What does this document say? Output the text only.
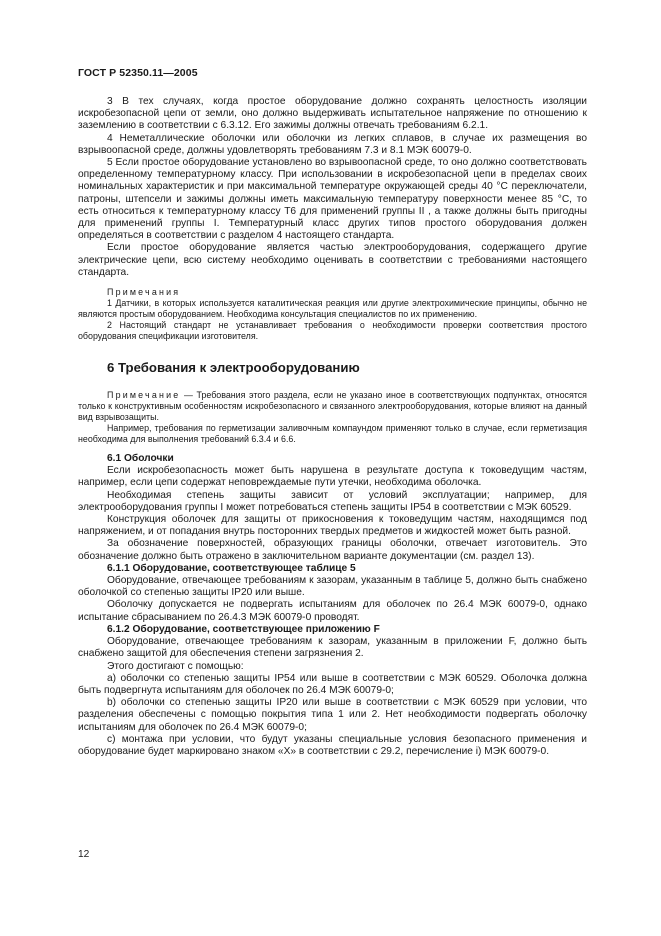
ГОСТ Р 52350.11—2005

3 В тех случаях, когда простое оборудование должно сохранять целостность изоляции искробезопасной цепи от земли, оно должно выдерживать испытательное напряжение по отношению к заземлению в соответствии с 6.3.12. Его зажимы должны отвечать требованиям 6.2.1.

4 Неметаллические оболочки или оболочки из легких сплавов, в случае их размещения во взрывоопасной среде, должны удовлетворять требованиям 7.3 и 8.1 МЭК 60079-0.

5 Если простое оборудование установлено во взрывоопасной среде, то оно должно соответствовать определенному температурному классу. При использовании в искробезопасной цепи в пределах своих номинальных характеристик и при максимальной температуре окружающей среды 40 °С переключатели, патроны, штепсели и зажимы должны иметь максимальную температуру поверхности менее 85 °С, то есть относиться к температурному классу Т6 для применений группы II , а также должны быть пригодны для применений группы I. Температурный класс других типов простого оборудования должен определяться в соответствии с разделом 4 настоящего стандарта.

Если простое оборудование является частью электрооборудования, содержащего другие электрические цепи, всю систему необходимо оценивать в соответствии с требованиями настоящего стандарта.

Примечания

1 Датчики, в которых используется каталитическая реакция или другие электрохимические принципы, обычно не являются простым оборудованием. Необходима консультация специалистов по их применению.

2 Настоящий стандарт не устанавливает требования о необходимости проверки соответствия простого оборудования спецификации изготовителя.

6 Требования к электрооборудованию

Примечание — Требования этого раздела, если не указано иное в соответствующих подпунктах, относятся только к конструктивным особенностям искробезопасного и связанного электрооборудования, которые влияют на данный вид взрывозащиты.

Например, требования по герметизации заливочным компаундом применяют только в случае, если герметизация необходима для выполнения требований 6.3.4 и 6.6.

6.1 Оболочки

Если искробезопасность может быть нарушена в результате доступа к токоведущим частям, например, если цепи содержат неповреждаемые пути утечки, необходима оболочка.

Необходимая степень защиты зависит от условий эксплуатации; например, для электрооборудования группы I может потребоваться степень защиты IP54 в соответствии с МЭК 60529.

Конструкция оболочек для защиты от прикосновения к токоведущим частям, находящимся под напряжением, и от попадания внутрь посторонних твердых предметов и жидкостей может быть разной.

За обозначение поверхностей, образующих границы оболочки, отвечает изготовитель. Это обозначение должно быть отражено в заключительном варианте документации (см. раздел 13).

6.1.1 Оборудование, соответствующее таблице 5

Оборудование, отвечающее требованиям к зазорам, указанным в таблице 5, должно быть снабжено оболочкой со степенью защиты IP20 или выше.

Оболочку допускается не подвергать испытаниям для оболочек по 26.4 МЭК 60079-0, однако испытание сбрасыванием по 26.4.3 МЭК 60079-0 проводят.

6.1.2 Оборудование, соответствующее приложению F

Оборудование, отвечающее требованиям к зазорам, указанным в приложении F, должно быть снабжено защитой для обеспечения степени загрязнения 2.

Этого достигают с помощью:

а) оболочки со степенью защиты IP54 или выше в соответствии с МЭК 60529. Оболочка должна быть подвергнута испытаниям для оболочек по 26.4 МЭК 60079-0;

b) оболочки со степенью защиты IP20 или выше в соответствии с МЭК 60529 при условии, что разделения обеспечены с помощью покрытия типа 1 или 2. Нет необходимости подвергать оболочку испытаниям для оболочек по 26.4 МЭК 60079-0;

с) монтажа при условии, что будут указаны специальные условия безопасного применения и оборудование будет маркировано знаком «Х» в соответствии с 29.2, перечисление i) МЭК 60079-0.

12
